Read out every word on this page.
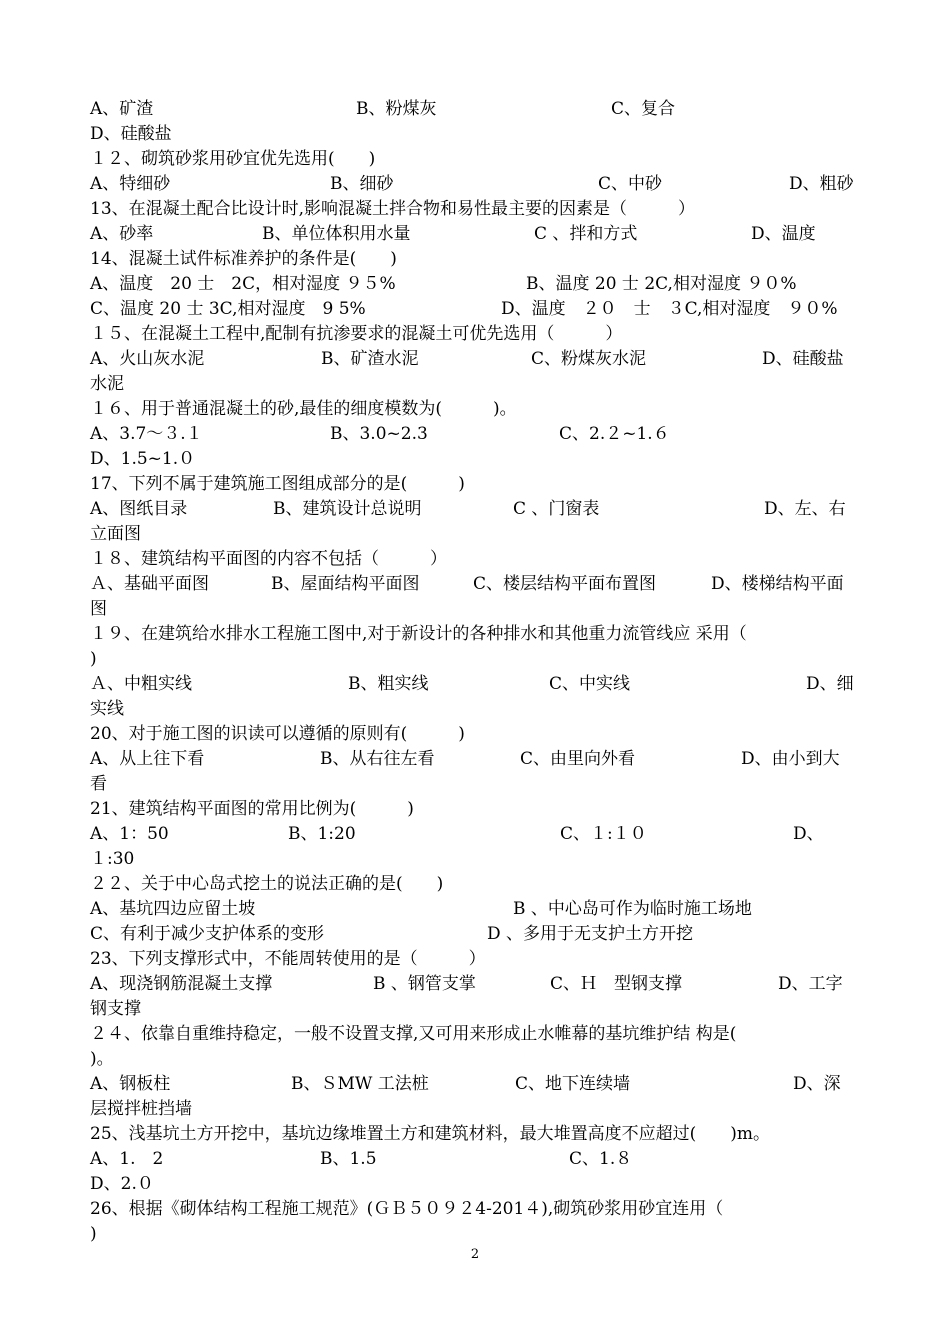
A、矿渣	B、粉煤灰	C、复合
D、硅酸盐
１２、砌筑砂浆用砂宜优先选用(　　)
A、特细砂	B、细砂	C、中砂	D、粗砂
13、在混凝土配合比设计时,影响混凝土拌合物和易性最主要的因素是（　　　）
A、砂率	B、单位体积用水量	C 、拌和方式	D、温度
14、混凝土试件标准养护的条件是(　　)
A、温度　20 士　2C，相对湿度 ９５%	B、温度 20 士 2C,相对湿度 ９０%
C、温度 20 士 3C,相对湿度　9 5%	D、温度　２０　士　３C,相对湿度　９０%
１５、在混凝土工程中,配制有抗渗要求的混凝土可优先选用（　　　）
A、火山灰水泥	B、矿渣水泥	C、粉煤灰水泥	D、硅酸盐
水泥
１６、用于普通混凝土的砂,最佳的细度模数为(　　　)。
A、3.7～３.１	B、3.0~2.3	C、2.２~1.６
D、1.5~1.０
17、下列不属于建筑施工图组成部分的是(　　　)
A、图纸目录	B、建筑设计总说明	C 、门窗表	D、左、右
立面图
１８、建筑结构平面图的内容不包括（　　　）
Ａ、基础平面图	B、屋面结构平面图	C、楼层结构平面布置图	D、楼梯结构平面
图
１９、在建筑给水排水工程施工图中,对于新设计的各种排水和其他重力流管线应 采用（
)
Ａ、中粗实线	B、粗实线	C、中实线	D、细
实线
20、对于施工图的识读可以遵循的原则有(　　　)
A、从上往下看	B、从右往左看	C、由里向外看	D、由小到大
看
21、建筑结构平面图的常用比例为(　　　)
A、1：50	B、1:20	C、１:１０	D、
１:30
２２、关于中心岛式挖土的说法正确的是(　　)
A、基坑四边应留土坡	B 、中心岛可作为临时施工场地
C、有利于减少支护体系的变形	D 、多用于无支护土方开挖
23、下列支撑形式中，不能周转使用的是（　　　）
A、现浇钢筋混凝土支撑	B 、钢管支掌	C、Ｈ　型钢支撑	D、工字
钢支撑
２４、依靠自重维持稳定，一般不设置支撑,又可用来形成止水帷幕的基坑维护结 构是(
)。
A、钢板柱	B、ＳMW 工法桩	C、地下连续墙	D、深
层搅拌桩挡墙
25、浅基坑土方开挖中，基坑边缘堆置土方和建筑材料，最大堆置高度不应超过(　　)m。
A、1.　2	B、1.5	C、1.８
D、2.０
26、根据《砌体结构工程施工规范》(ＧＢ５０９２4-201４),砌筑砂浆用砂宜连用（
)
2
